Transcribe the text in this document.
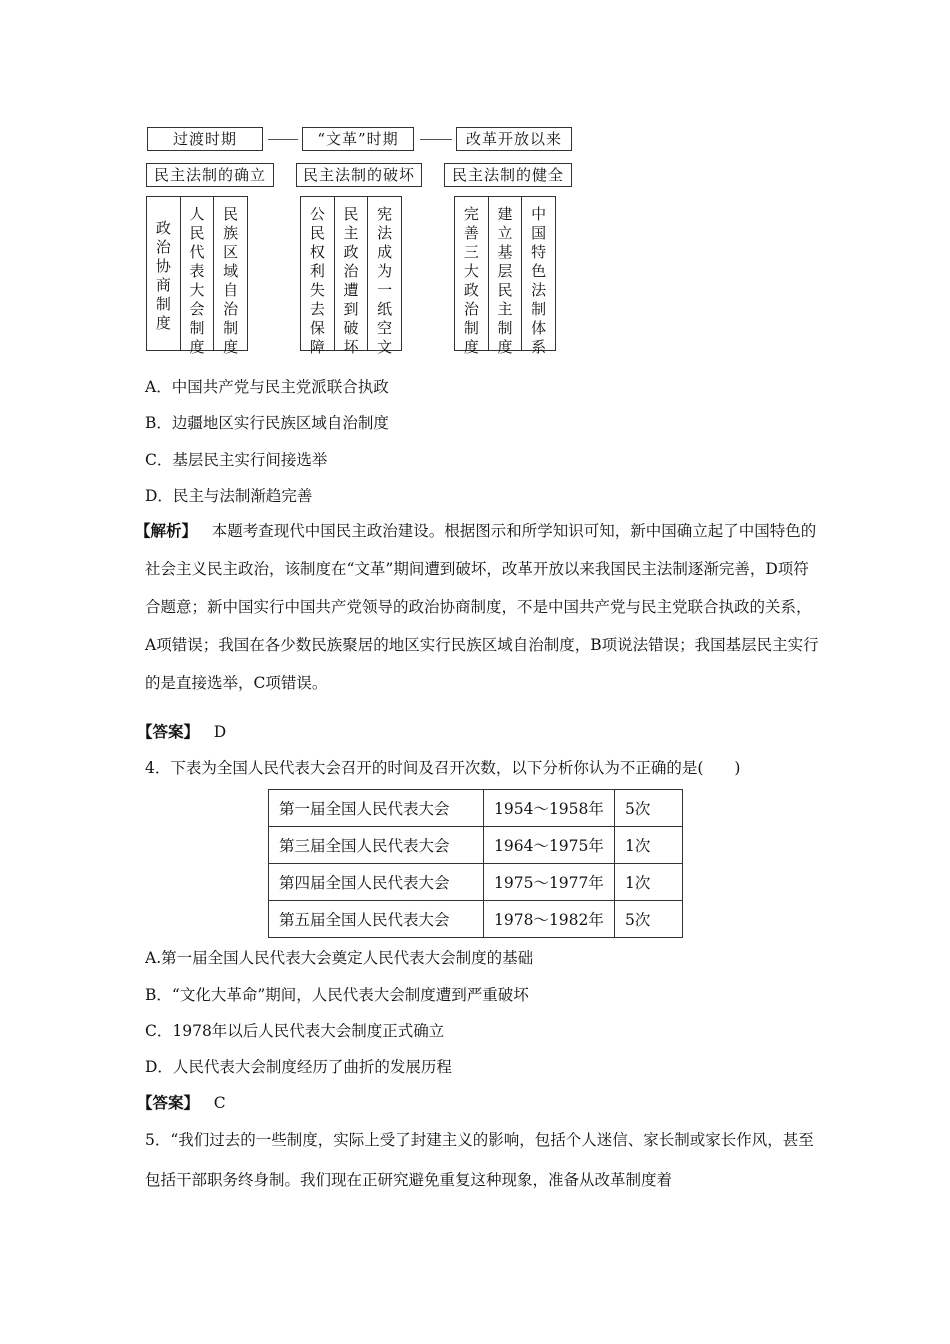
过渡时期	“文革”时期	改革开放以来
民主法制的确立	民主法制的破坏	民主法制的健全
政
治
协
商
制
度
人
民
代
表
大
会
制
度
民
族
区
域
自
治
制
度
公
民
权
利
失
去
保
障
民
主
政
治
遭
到
破
坏
宪
法
成
为
一
纸
空
文
完
善
三
大
政
治
制
度
建
立
基
层
民
主
制
度
中
国
特
色
法
制
体
系
A．中国共产党与民主党派联合执政
B．边疆地区实行民族区域自治制度
C．基层民主实行间接选举
D．民主与法制渐趋完善
【解析】 本题考查现代中国民主政治建设。根据图示和所学知识可知，新中国确立起了中国特色的社会主义民主政治，该制度在“文革”期间遭到破坏，改革开放以来我国民主法制逐渐完善，D项符合题意；新中国实行中国共产党领导的政治协商制度，不是中国共产党与民主党联合执政的关系，A项错误；我国在各少数民族聚居的地区实行民族区域自治制度，B项说法错误；我国基层民主实行的是直接选举，C项错误。
【答案】 D
4．下表为全国人民代表大会召开的时间及召开次数，以下分析你认为不正确的是(　　)
第一届全国人民代表大会	1954～1958年	5次
第三届全国人民代表大会	1964～1975年	1次
第四届全国人民代表大会	1975～1977年	1次
第五届全国人民代表大会	1978～1982年	5次
A.第一届全国人民代表大会奠定人民代表大会制度的基础
B．“文化大革命”期间，人民代表大会制度遭到严重破坏
C．1978年以后人民代表大会制度正式确立
D．人民代表大会制度经历了曲折的发展历程
【答案】 C
5．“我们过去的一些制度，实际上受了封建主义的影响，包括个人迷信、家长制或家长作风，甚至包括干部职务终身制。我们现在正研究避免重复这种现象，准备从改革制度着
